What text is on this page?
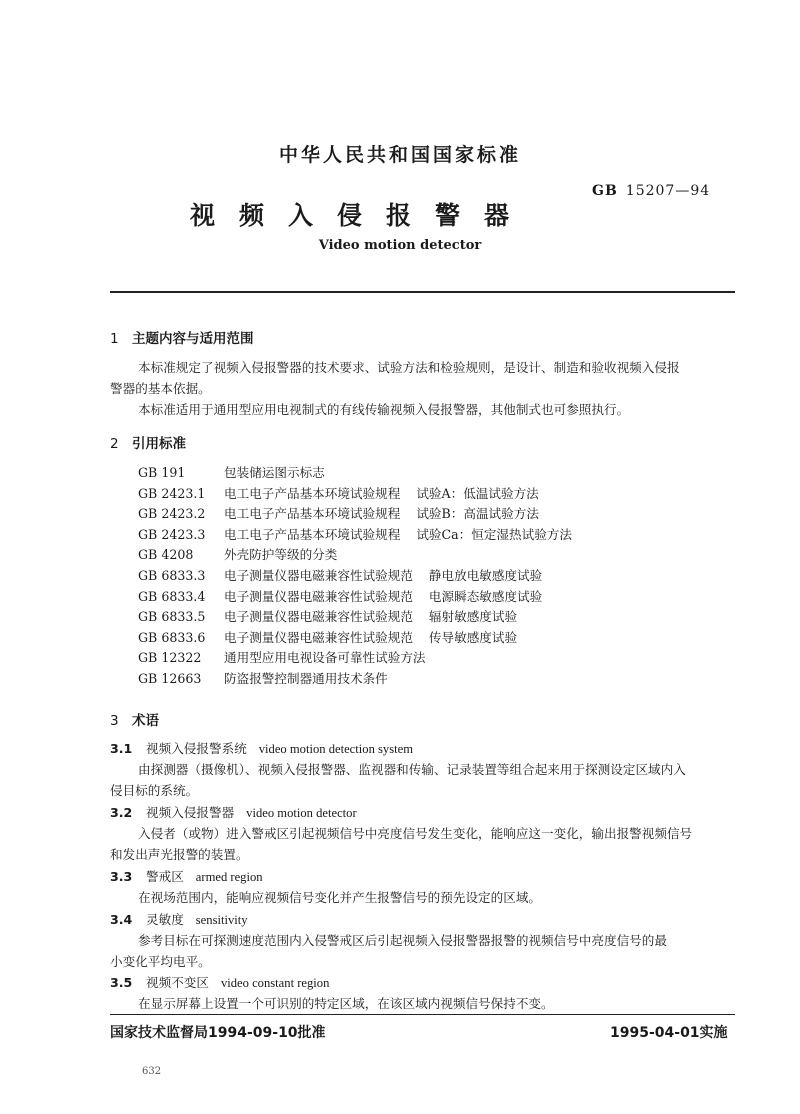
中华人民共和国国家标准
GB 15207—94
视频入侵报警器
Video motion detector
1 主题内容与适用范围
本标准规定了视频入侵报警器的技术要求、试验方法和检验规则，是设计、制造和验收视频入侵报
警器的基本依据。
本标准适用于通用型应用电视制式的有线传输视频入侵报警器，其他制式也可参照执行。
2 引用标准
GB 191	包装储运图示标志
GB 2423.1 电工电子产品基本环境试验规程 试验A：低温试验方法
GB 2423.2 电工电子产品基本环境试验规程 试验B：高温试验方法
GB 2423.3 电工电子产品基本环境试验规程 试验Ca：恒定湿热试验方法
GB 4208 外壳防护等级的分类
GB 6833.3 电子测量仪器电磁兼容性试验规范 静电放电敏感度试验
GB 6833.4 电子测量仪器电磁兼容性试验规范 电源瞬态敏感度试验
GB 6833.5 电子测量仪器电磁兼容性试验规范 辐射敏感度试验
GB 6833.6 电子测量仪器电磁兼容性试验规范 传导敏感度试验
GB 12322 通用型应用电视设备可靠性试验方法
GB 12663 防盗报警控制器通用技术条件
3 术语
3.1 视频入侵报警系统 video motion detection system
由探测器（摄像机）、视频入侵报警器、监视器和传输、记录装置等组合起来用于探测设定区域内入
侵目标的系统。
3.2 视频入侵报警器 video motion detector
入侵者（或物）进入警戒区引起视频信号中亮度信号发生变化，能响应这一变化，输出报警视频信号
和发出声光报警的装置。
3.3 警戒区 armed region
在视场范围内，能响应视频信号变化并产生报警信号的预先设定的区域。
3.4 灵敏度 sensitivity
参考目标在可探测速度范围内入侵警戒区后引起视频入侵报警器报警的视频信号中亮度信号的最
小变化平均电平。
3.5 视频不变区 video constant region
在显示屏幕上设置一个可识别的特定区域，在该区域内视频信号保持不变。
国家技术监督局1994-09-10批准	1995-04-01实施
632
